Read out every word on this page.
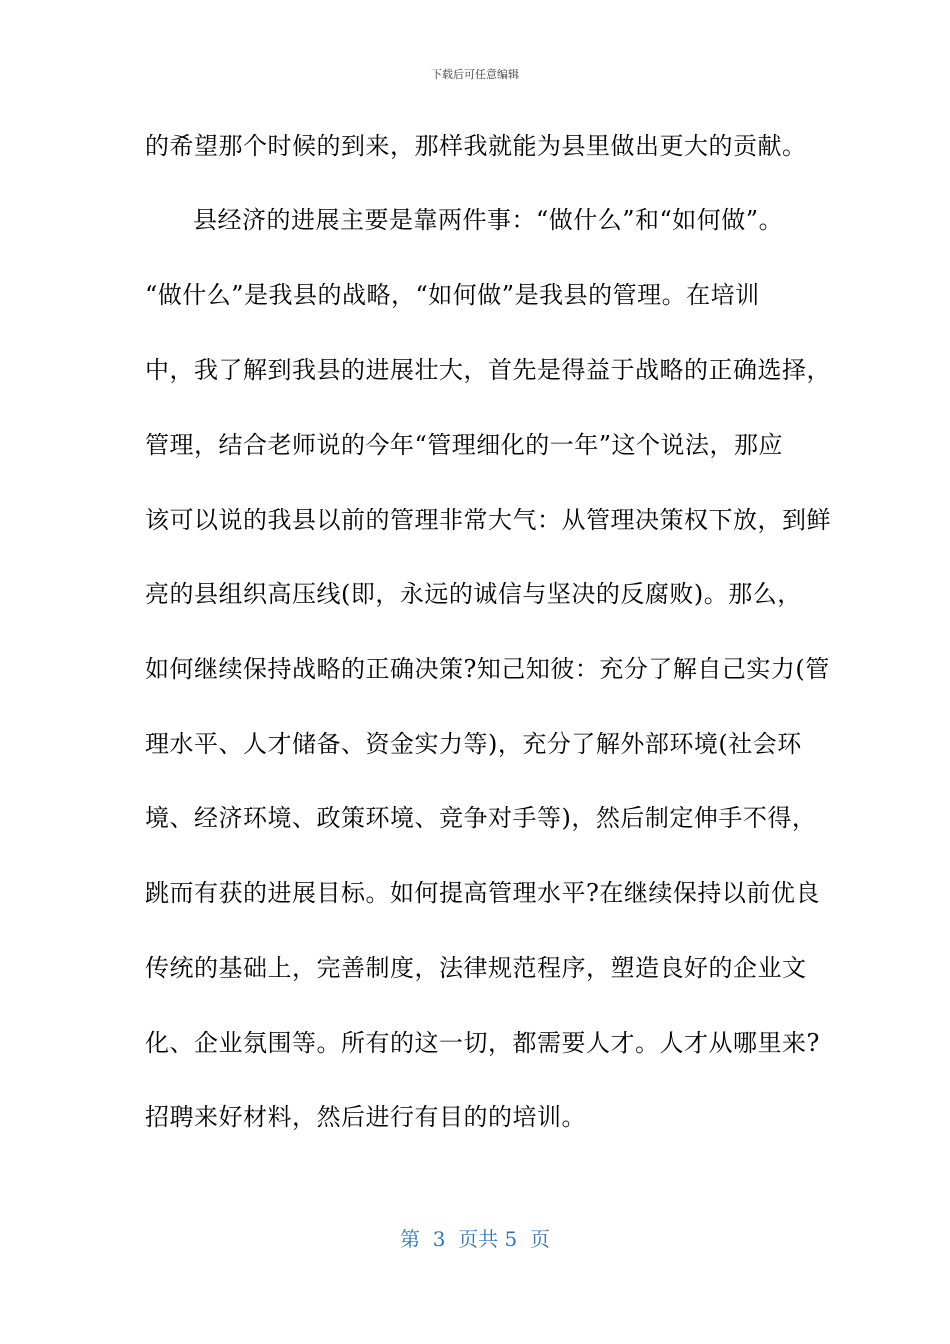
下载后可任意编辑
的希望那个时候的到来，那样我就能为县里做出更大的贡献。
县经济的进展主要是靠两件事：“做什么”和“如何做”。
“做什么”是我县的战略，“如何做”是我县的管理。在培训
中，我了解到我县的进展壮大，首先是得益于战略的正确选择，
管理，结合老师说的今年“管理细化的一年”这个说法，那应
该可以说的我县以前的管理非常大气：从管理决策权下放，到鲜
亮的县组织高压线(即，永远的诚信与坚决的反腐败)。那么，
如何继续保持战略的正确决策?知己知彼：充分了解自己实力(管
理水平、人才储备、资金实力等)，充分了解外部环境(社会环
境、经济环境、政策环境、竞争对手等)，然后制定伸手不得，
跳而有获的进展目标。如何提高管理水平?在继续保持以前优良
传统的基础上，完善制度，法律规范程序，塑造良好的企业文
化、企业氛围等。所有的这一切，都需要人才。人才从哪里来?
招聘来好材料，然后进行有目的的培训。
第  3  页共 5  页
